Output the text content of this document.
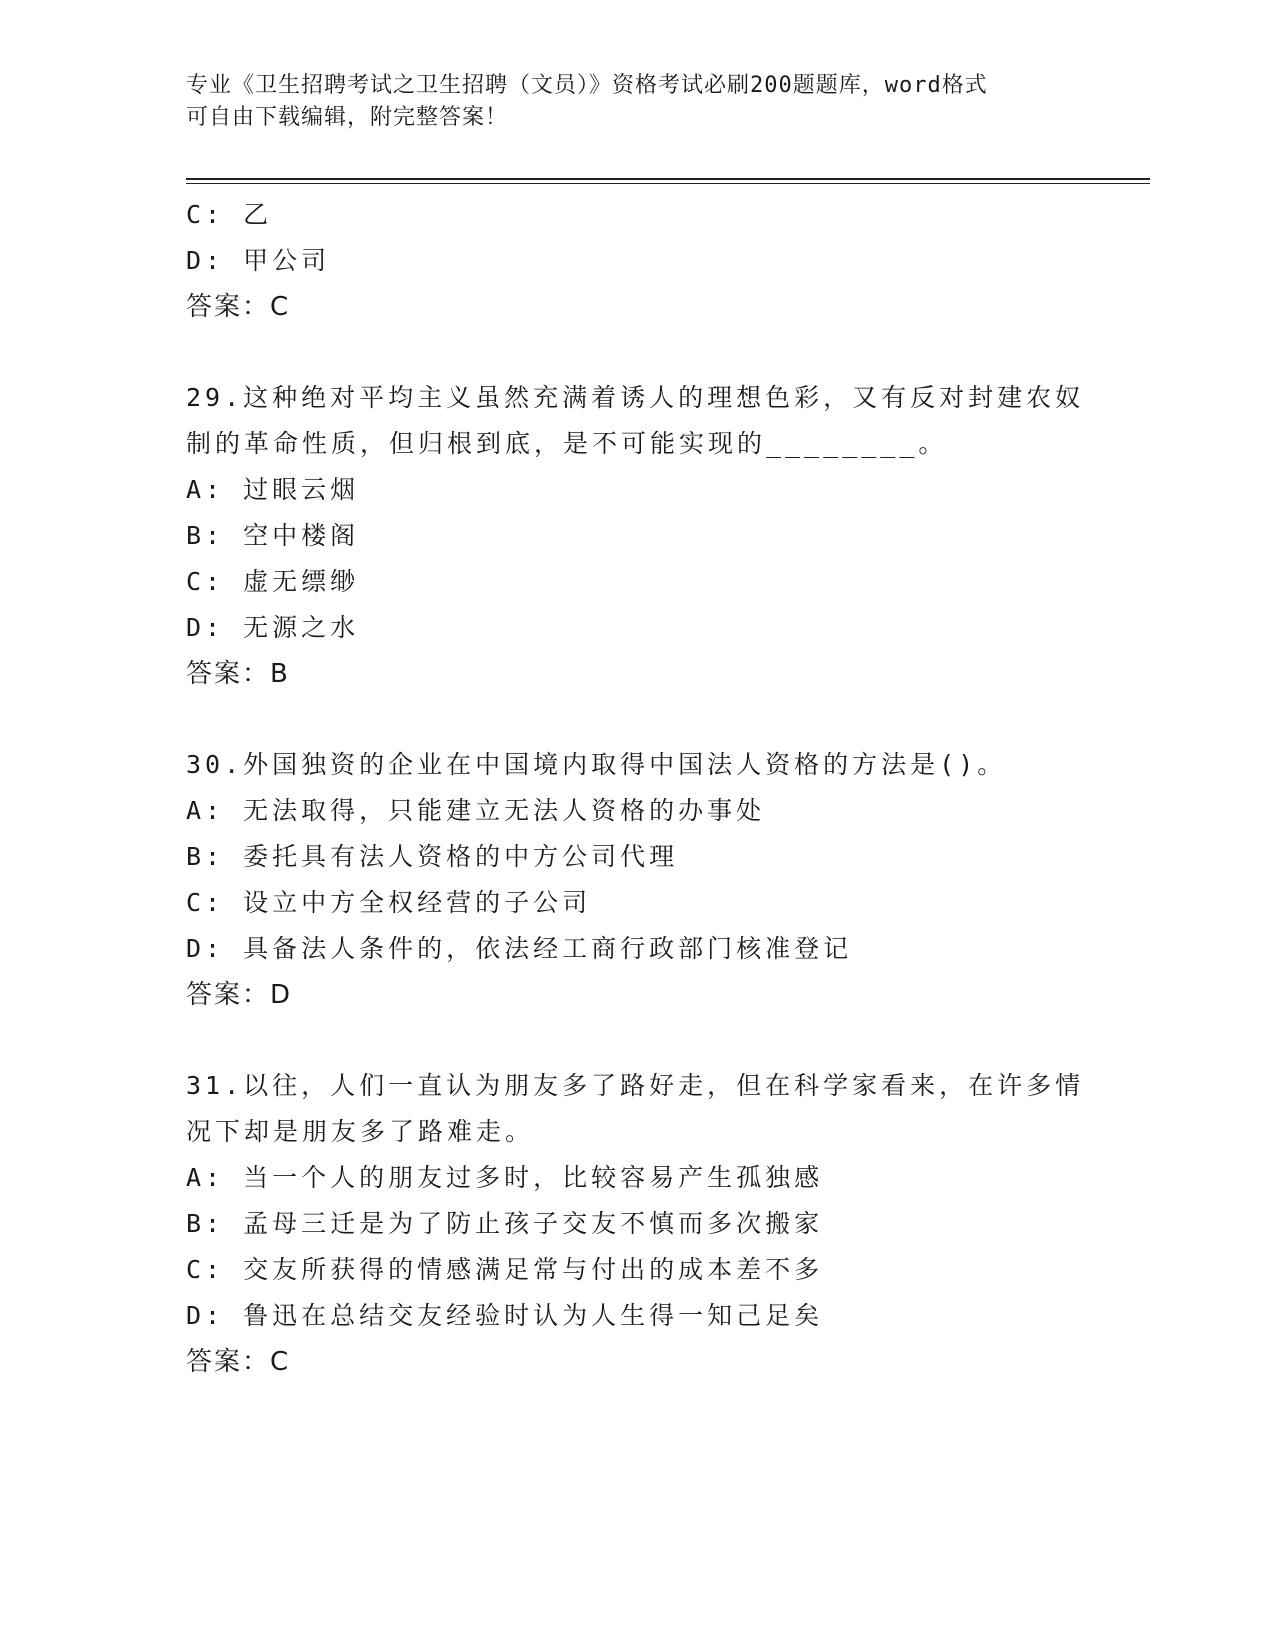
专业《卫生招聘考试之卫生招聘（文员）》资格考试必刷200题题库，word格式
可自由下载编辑，附完整答案！
C: 乙
D: 甲公司
答案：C
29.这种绝对平均主义虽然充满着诱人的理想色彩，又有反对封建农奴
制的革命性质，但归根到底，是不可能实现的________。
A: 过眼云烟
B: 空中楼阁
C: 虚无缥缈
D: 无源之水
答案：B
30.外国独资的企业在中国境内取得中国法人资格的方法是()。
A: 无法取得，只能建立无法人资格的办事处
B: 委托具有法人资格的中方公司代理
C: 设立中方全权经营的子公司
D: 具备法人条件的，依法经工商行政部门核准登记
答案：D
31.以往，人们一直认为朋友多了路好走，但在科学家看来，在许多情
况下却是朋友多了路难走。
A: 当一个人的朋友过多时，比较容易产生孤独感
B: 孟母三迁是为了防止孩子交友不慎而多次搬家
C: 交友所获得的情感满足常与付出的成本差不多
D: 鲁迅在总结交友经验时认为人生得一知己足矣
答案：C
